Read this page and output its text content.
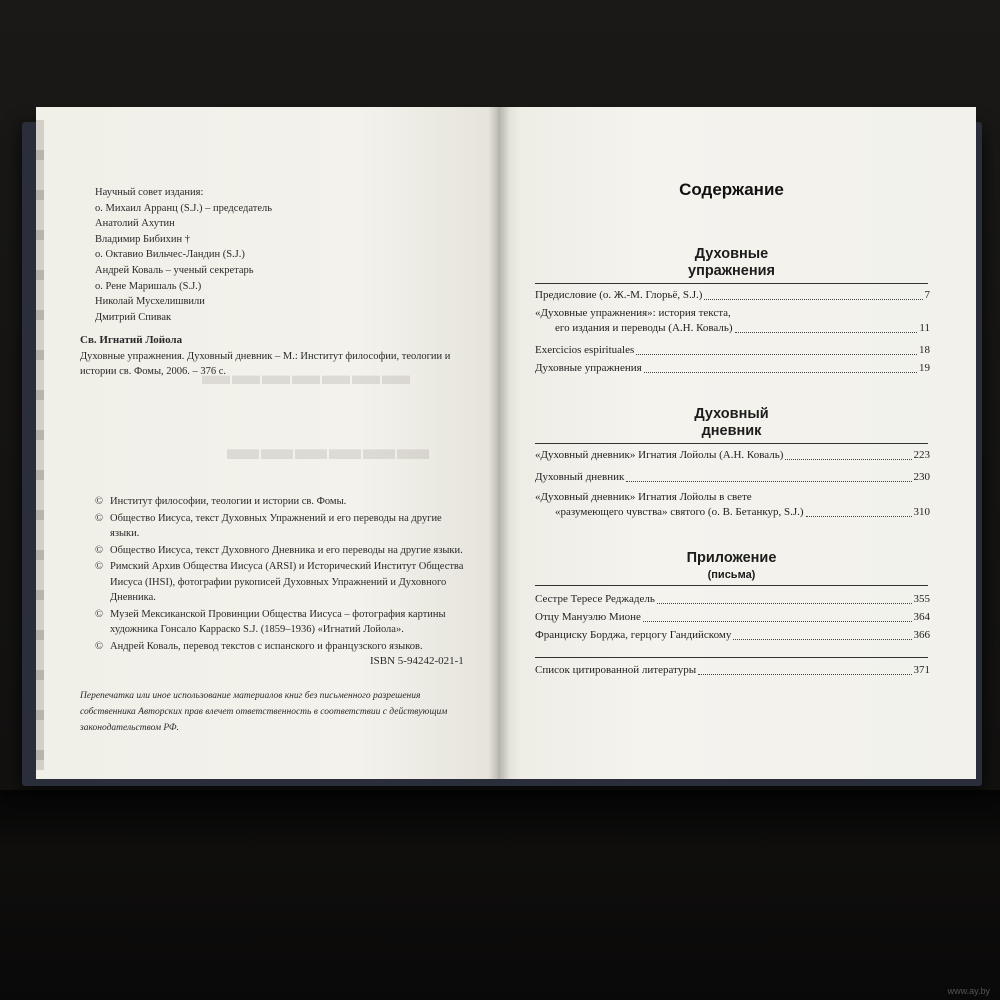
▬▬▬▬▬▬▬
▬▬▬▬▬▬
Научный совет издания:
о. Михаил Арранц (S.J.) – председатель
Анатолий Ахутин
Владимир Бибихин †
о. Октавио Вильчес-Ландин (S.J.)
Андрей Коваль – ученый секретарь
о. Рене Маришаль (S.J.)
Николай Мусхелишвили
Дмитрий Спивак
Св. Игнатий Лойола
Духовные упражнения. Духовный дневник – М.: Институт философии, теологии и истории св. Фомы, 2006. – 376 с.
© Институт философии, теологии и истории св. Фомы.
© Общество Иисуса, текст Духовных Упражнений и его переводы на другие языки.
© Общество Иисуса, текст Духовного Дневника и его переводы на другие языки.
© Римский Архив Общества Иисуса (ARSI) и Исторический Институт Общества Иисуса (IHSI), фотографии рукописей Духовных Упражнений и Духовного Дневника.
© Музей Мексиканской Провинции Общества Иисуса – фотография картины художника Гонсало Карраско S.J. (1859–1936) «Игнатий Лойола».
© Андрей Коваль, перевод текстов с испанского и французского языков.
ISBN 5-94242-021-1
Перепечатка или иное использование материалов книг без письменного разрешения собственника Авторских прав влечет ответственность в соответствии с действующим законодательством РФ.
Содержание
Духовные
упражнения
Предисловие (о. Ж.-М. Глорьё, S.J.)	7
«Духовные упражнения»: история текста,
его издания и переводы (А.Н. Коваль)	11
Exercicios espirituales	18
Духовные упражнения	19
Духовный
дневник
«Духовный дневник» Игнатия Лойолы (А.Н. Коваль)	223
Духовный дневник	230
«Духовный дневник» Игнатия Лойолы в свете
«разумеющего чувства» святого (о. В. Бетанкур, S.J.)	310
Приложение
(письма)
Сестре Тересе Реджадель	355
Отцу Мануэлю Мионе	364
Франциску Борджа, герцогу Гандийскому	366
Список цитированной литературы	371
www.ay.by
